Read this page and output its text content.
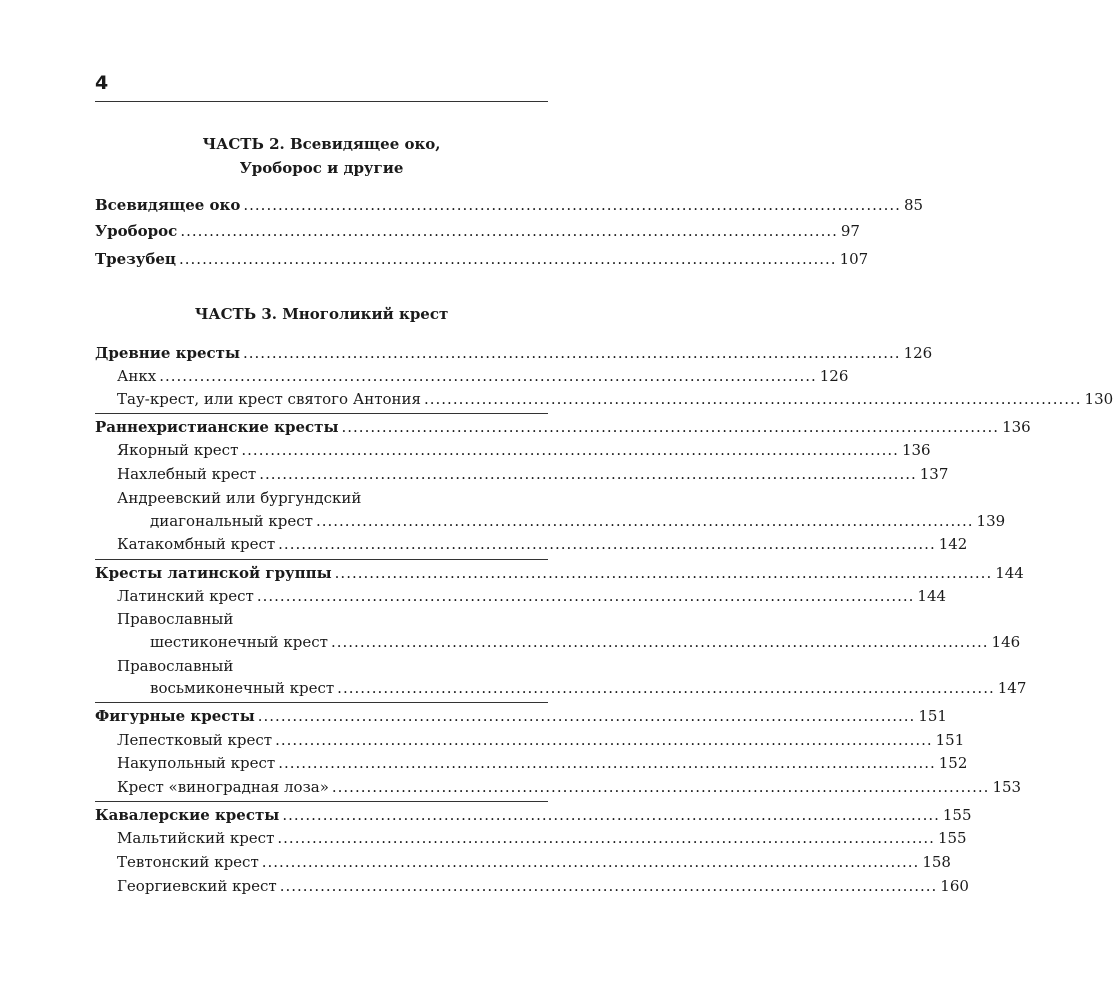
4
ЧАСТЬ 2. Всевидящее око,
Уроборос и другие
Всевидящее око .................................................................................................................. 85
Уроборос .................................................................................................................. 97
Трезубец .................................................................................................................. 107
ЧАСТЬ 3. Многоликий крест
Древние кресты .................................................................................................................. 126
Анкх .................................................................................................................. 126
Тау-крест, или крест святого Антония .................................................................................................................. 130
Раннехристианские кресты .................................................................................................................. 136
Якорный крест .................................................................................................................. 136
Нахлебный крест .................................................................................................................. 137
Андреевский или бургундский
диагональный крест .................................................................................................................. 139
Катакомбный крест .................................................................................................................. 142
Кресты латинской группы .................................................................................................................. 144
Латинский крест .................................................................................................................. 144
Православный
шестиконечный крест .................................................................................................................. 146
Православный
восьмиконечный крест .................................................................................................................. 147
Фигурные кресты .................................................................................................................. 151
Лепестковый крест .................................................................................................................. 151
Накупольный крест .................................................................................................................. 152
Крест «виноградная лоза» .................................................................................................................. 153
Кавалерские кресты .................................................................................................................. 155
Мальтийский крест .................................................................................................................. 155
Тевтонский крест .................................................................................................................. 158
Георгиевский крест .................................................................................................................. 160
